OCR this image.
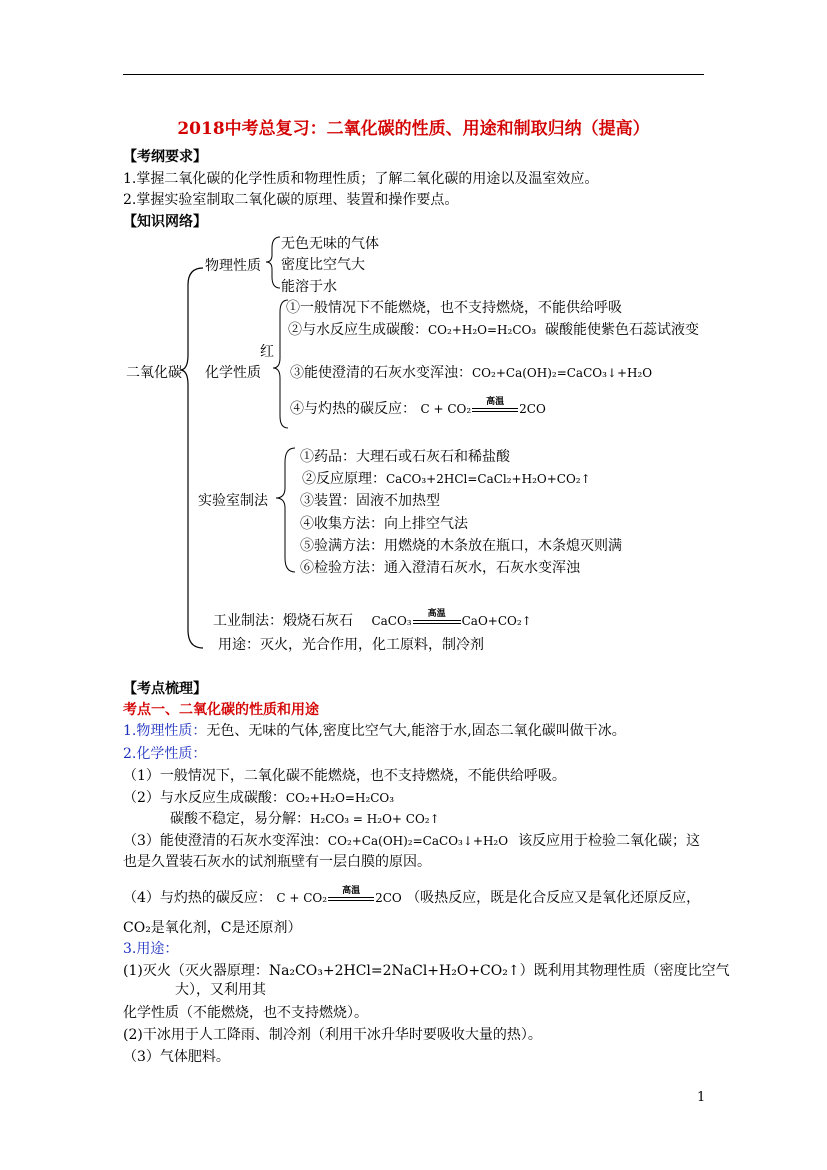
2018中考总复习：二氧化碳的性质、用途和制取归纳（提高）
【考纲要求】
1.掌握二氧化碳的化学性质和物理性质；了解二氧化碳的用途以及温室效应。
2.掌握实验室制取二氧化碳的原理、装置和操作要点。
【知识网络】
二氧化碳
物理性质
无色无味的气体
密度比空气大
能溶于水
化学性质
①一般情况下不能燃烧，也不支持燃烧，不能供给呼吸
②与水反应生成碳酸：CO₂+H₂O=H₂CO₃ 碳酸能使紫色石蕊试液变
红
③能使澄清的石灰水变浑浊：CO₂+Ca(OH)₂=CaCO₃↓+H₂O
④与灼热的碳反应： C + CO₂	高温	2CO
实验室制法
①药品：大理石或石灰石和稀盐酸
②反应原理：CaCO₃+2HCl=CaCl₂+H₂O+CO₂↑
③装置：固液不加热型
④收集方法：向上排空气法
⑤验满方法：用燃烧的木条放在瓶口，木条熄灭则满
⑥检验方法：通入澄清石灰水，石灰水变浑浊
工业制法：煅烧石灰石 CaCO₃	高温	CaO+CO₂↑
用途：灭火，光合作用，化工原料，制冷剂
【考点梳理】
考点一、二氧化碳的性质和用途
1.物理性质：无色、无味的气体,密度比空气大,能溶于水,固态二氧化碳叫做干冰。
2.化学性质：
（1）一般情况下，二氧化碳不能燃烧，也不支持燃烧，不能供给呼吸。
（2）与水反应生成碳酸：CO₂+H₂O=H₂CO₃
碳酸不稳定，易分解：H₂CO₃ = H₂O+ CO₂↑
（3）能使澄清的石灰水变浑浊：CO₂+Ca(OH)₂=CaCO₃↓+H₂O 该反应用于检验二氧化碳；这
也是久置装石灰水的试剂瓶壁有一层白膜的原因。
（4）与灼热的碳反应： C + CO₂	高温	2CO （吸热反应，既是化合反应又是氧化还原反应，
CO₂是氧化剂，C是还原剂）
3.用途：
(1)灭火（灭火器原理：Na₂CO₃+2HCl=2NaCl+H₂O+CO₂↑）既利用其物理性质（密度比空气
大），又利用其
化学性质（不能燃烧，也不支持燃烧）。
(2)干冰用于人工降雨、制冷剂（利用干冰升华时要吸收大量的热）。
（3）气体肥料。
1
